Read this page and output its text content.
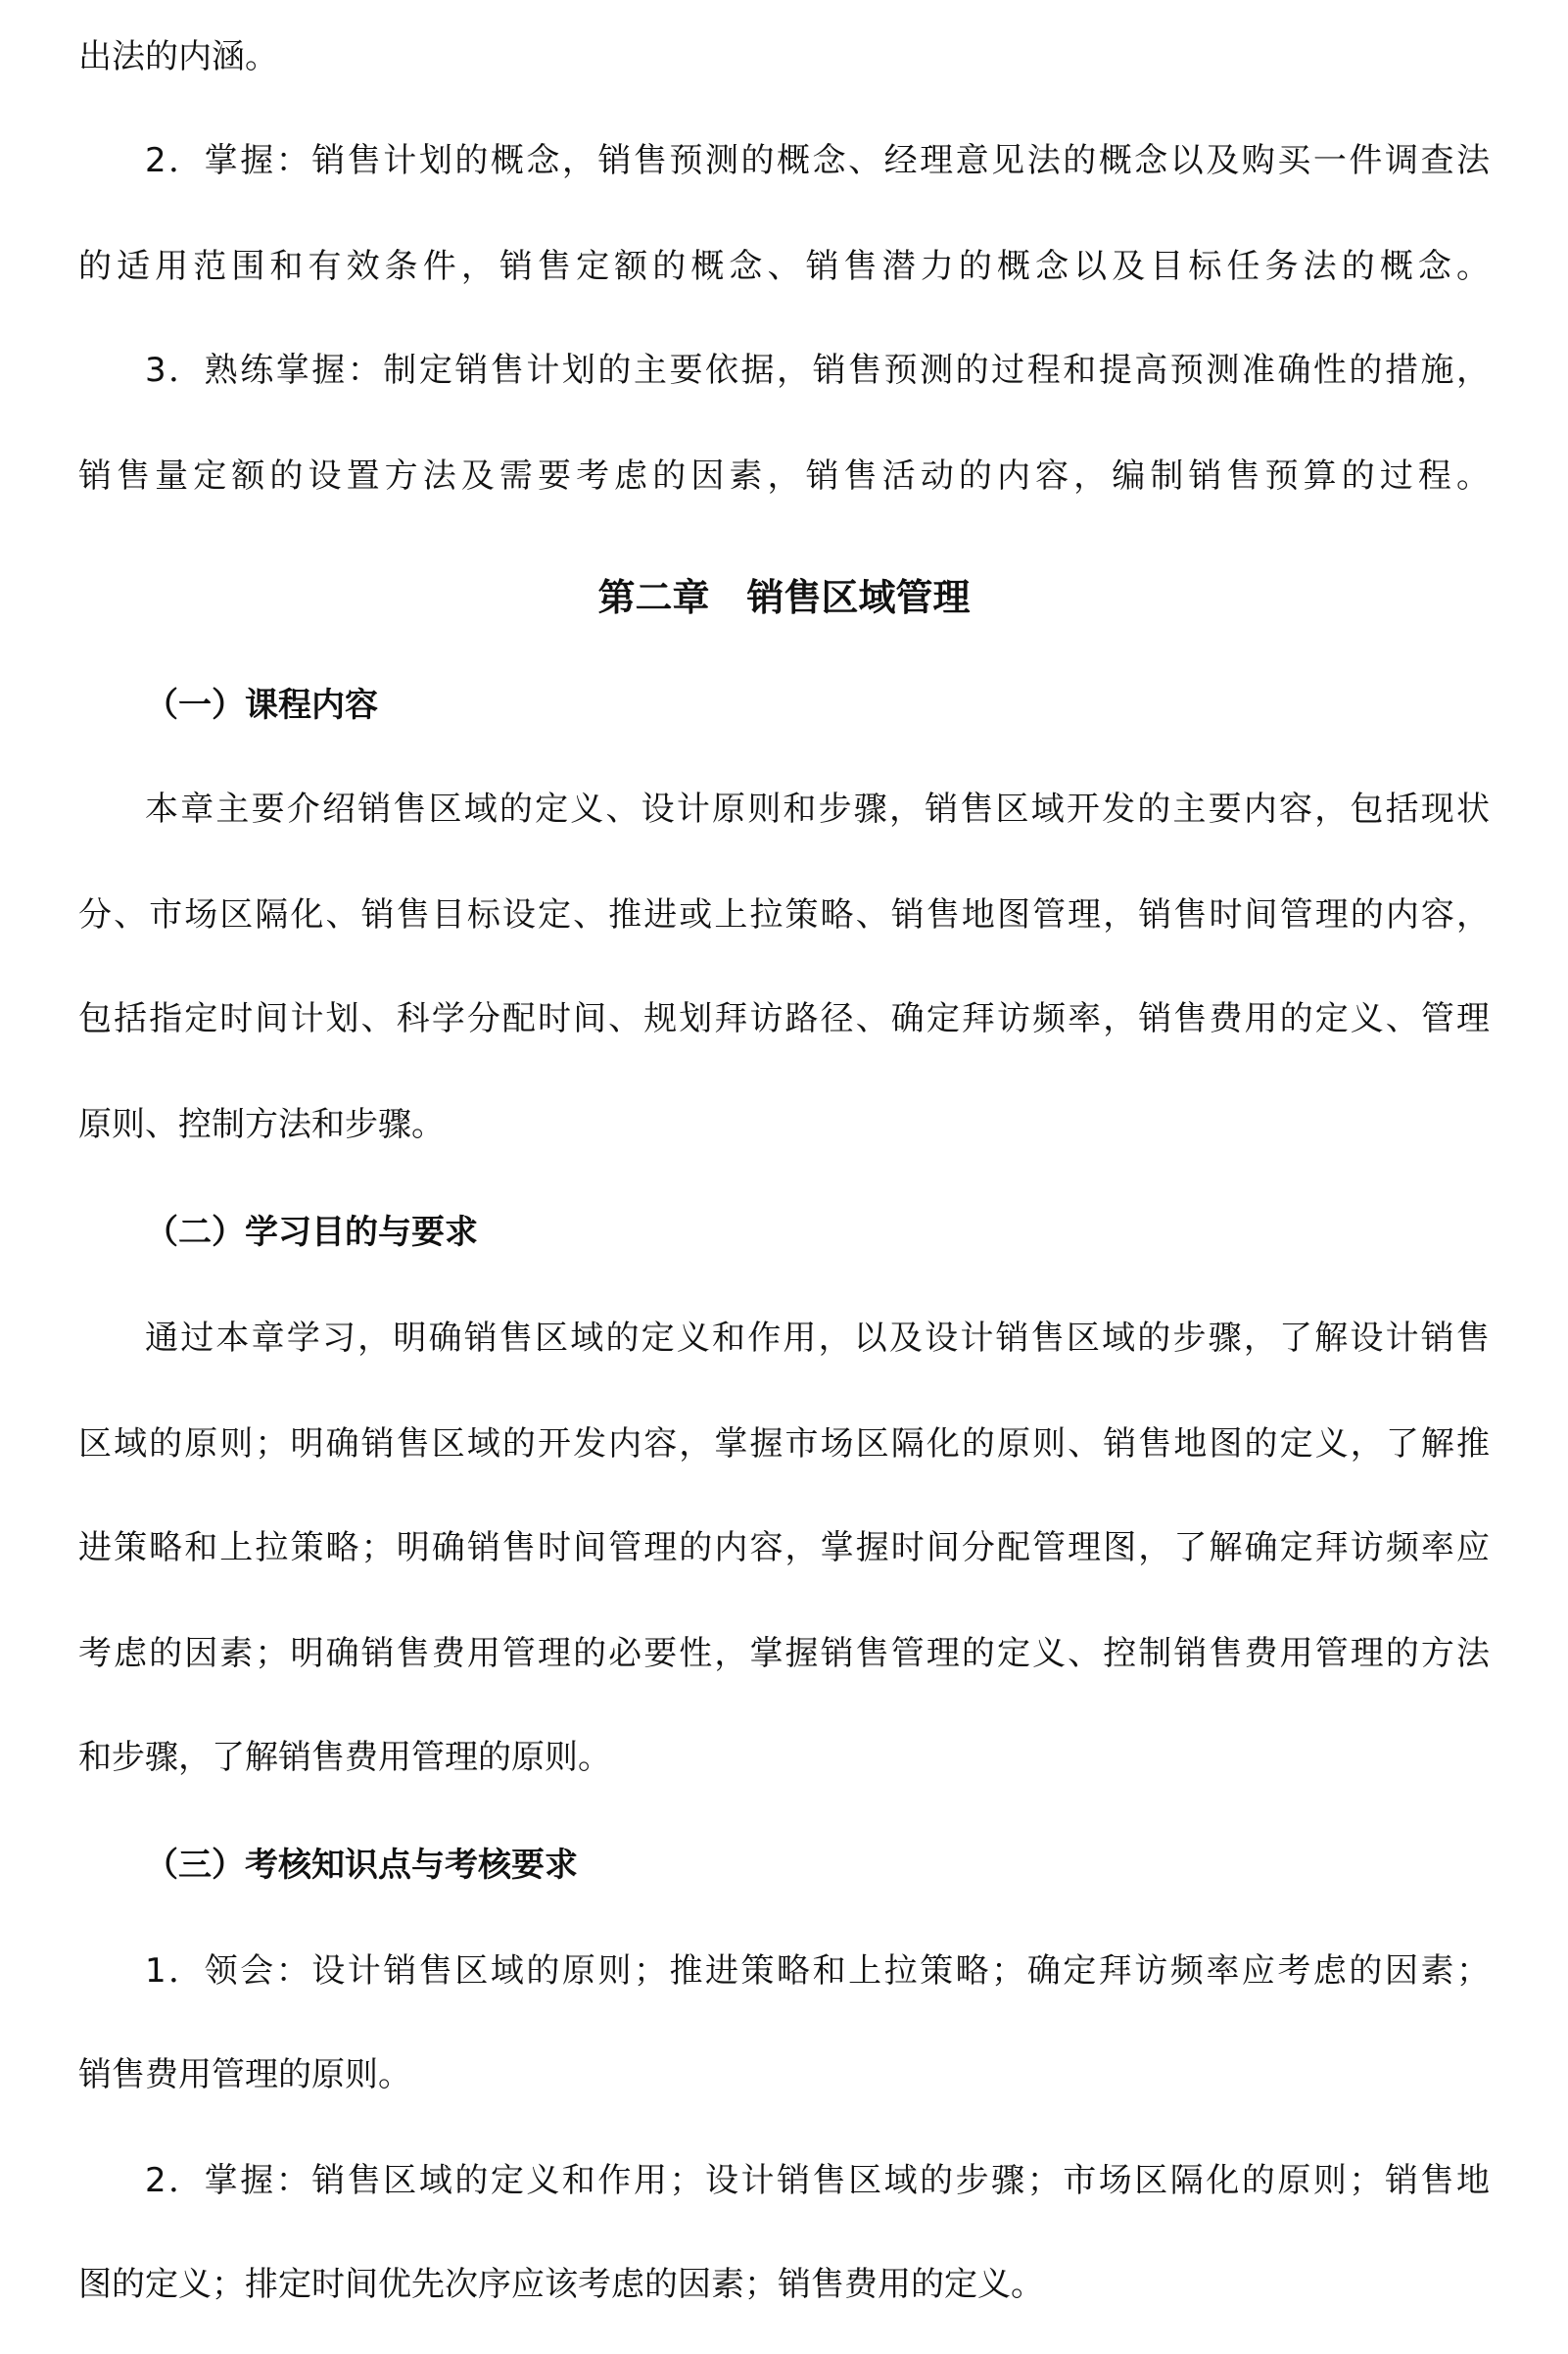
出法的内涵。
2．掌握：销售计划的概念，销售预测的概念、经理意见法的概念以及购买一件调查法
的适用范围和有效条件，销售定额的概念、销售潜力的概念以及目标任务法的概念。
3．熟练掌握：制定销售计划的主要依据，销售预测的过程和提高预测准确性的措施，
销售量定额的设置方法及需要考虑的因素，销售活动的内容，编制销售预算的过程。
第二章　销售区域管理
（一）课程内容
本章主要介绍销售区域的定义、设计原则和步骤，销售区域开发的主要内容，包括现状
分、市场区隔化、销售目标设定、推进或上拉策略、销售地图管理，销售时间管理的内容，
包括指定时间计划、科学分配时间、规划拜访路径、确定拜访频率，销售费用的定义、管理
原则、控制方法和步骤。
（二）学习目的与要求
通过本章学习，明确销售区域的定义和作用，以及设计销售区域的步骤，了解设计销售
区域的原则；明确销售区域的开发内容，掌握市场区隔化的原则、销售地图的定义，了解推
进策略和上拉策略；明确销售时间管理的内容，掌握时间分配管理图，了解确定拜访频率应
考虑的因素；明确销售费用管理的必要性，掌握销售管理的定义、控制销售费用管理的方法
和步骤，了解销售费用管理的原则。
（三）考核知识点与考核要求
1．领会：设计销售区域的原则；推进策略和上拉策略；确定拜访频率应考虑的因素；
销售费用管理的原则。
2．掌握：销售区域的定义和作用；设计销售区域的步骤；市场区隔化的原则；销售地
图的定义；排定时间优先次序应该考虑的因素；销售费用的定义。
